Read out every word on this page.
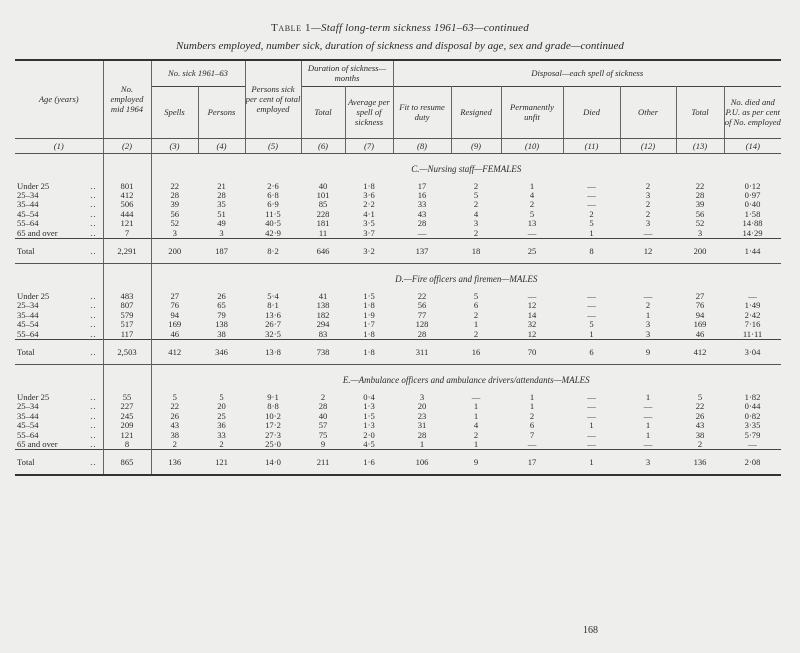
Table 1—Staff long-term sickness 1961–63—continued
Numbers employed, number sick, duration of sickness and disposal by age, sex and grade—continued
Age (years)	No. employed mid 1964	No. sick 1961–63		Persons sick per cent of total employed	Duration of sickness—months		Disposal—each spell of sickness						
		Spells	Persons		Total	Average per spell of sickness	Fit to resume duty	Resigned	Permanently unfit	Died	Other	Total	No. died and P.U. as per cent of No. employed
(1)	(2)	(3)	(4)	(5)	(6)	(7)	(8)	(9)	(10)	(11)	(12)	(13)	(14)
		C.—Nursing staff—FEMALES											

Under 25 ..	801	22	21	2·6	40	1·8	17	2	1	—	2	22	0·12
25–34 ..	412	28	28	6·8	101	3·6	16	5	4	—	3	28	0·97
35–44 ..	506	39	35	6·9	85	2·2	33	2	2	—	2	39	0·40
45–54 ..	444	56	51	11·5	228	4·1	43	4	5	2	2	56	1·58
55–64 ..	121	52	49	40·5	181	3·5	28	3	13	5	3	52	14·88
65 and over ..	7	3	3	42·9	11	3·7	—	2	—	1	—	3	14·29
Total ..	2,291	200	187	8·2	646	3·2	137	18	25	8	12	200	1·44
		D.—Fire officers and firemen—MALES											

Under 25 ..	483	27	26	5·4	41	1·5	22	5	—	—	—	27	—
25–34 ..	807	76	65	8·1	138	1·8	56	6	12	—	2	76	1·49
35–44 ..	579	94	79	13·6	182	1·9	77	2	14	—	1	94	2·42
45–54 ..	517	169	138	26·7	294	1·7	128	1	32	5	3	169	7·16
55–64 ..	117	46	38	32·5	83	1·8	28	2	12	1	3	46	11·11
Total ..	2,503	412	346	13·8	738	1·8	311	16	70	6	9	412	3·04
		E.—Ambulance officers and ambulance drivers/attendants—MALES											

Under 25 ..	55	5	5	9·1	2	0·4	3	—	1	—	1	5	1·82
25–34 ..	227	22	20	8·8	28	1·3	20	1	1	—	—	22	0·44
35–44 ..	245	26	25	10·2	40	1·5	23	1	2	—	—	26	0·82
45–54 ..	209	43	36	17·2	57	1·3	31	4	6	1	1	43	3·35
55–64 ..	121	38	33	27·3	75	2·0	28	2	7	—	1	38	5·79
65 and over ..	8	2	2	25·0	9	4·5	1	1	—	—	—	2	—
Total ..	865	136	121	14·0	211	1·6	106	9	17	1	3	136	2·08
168
